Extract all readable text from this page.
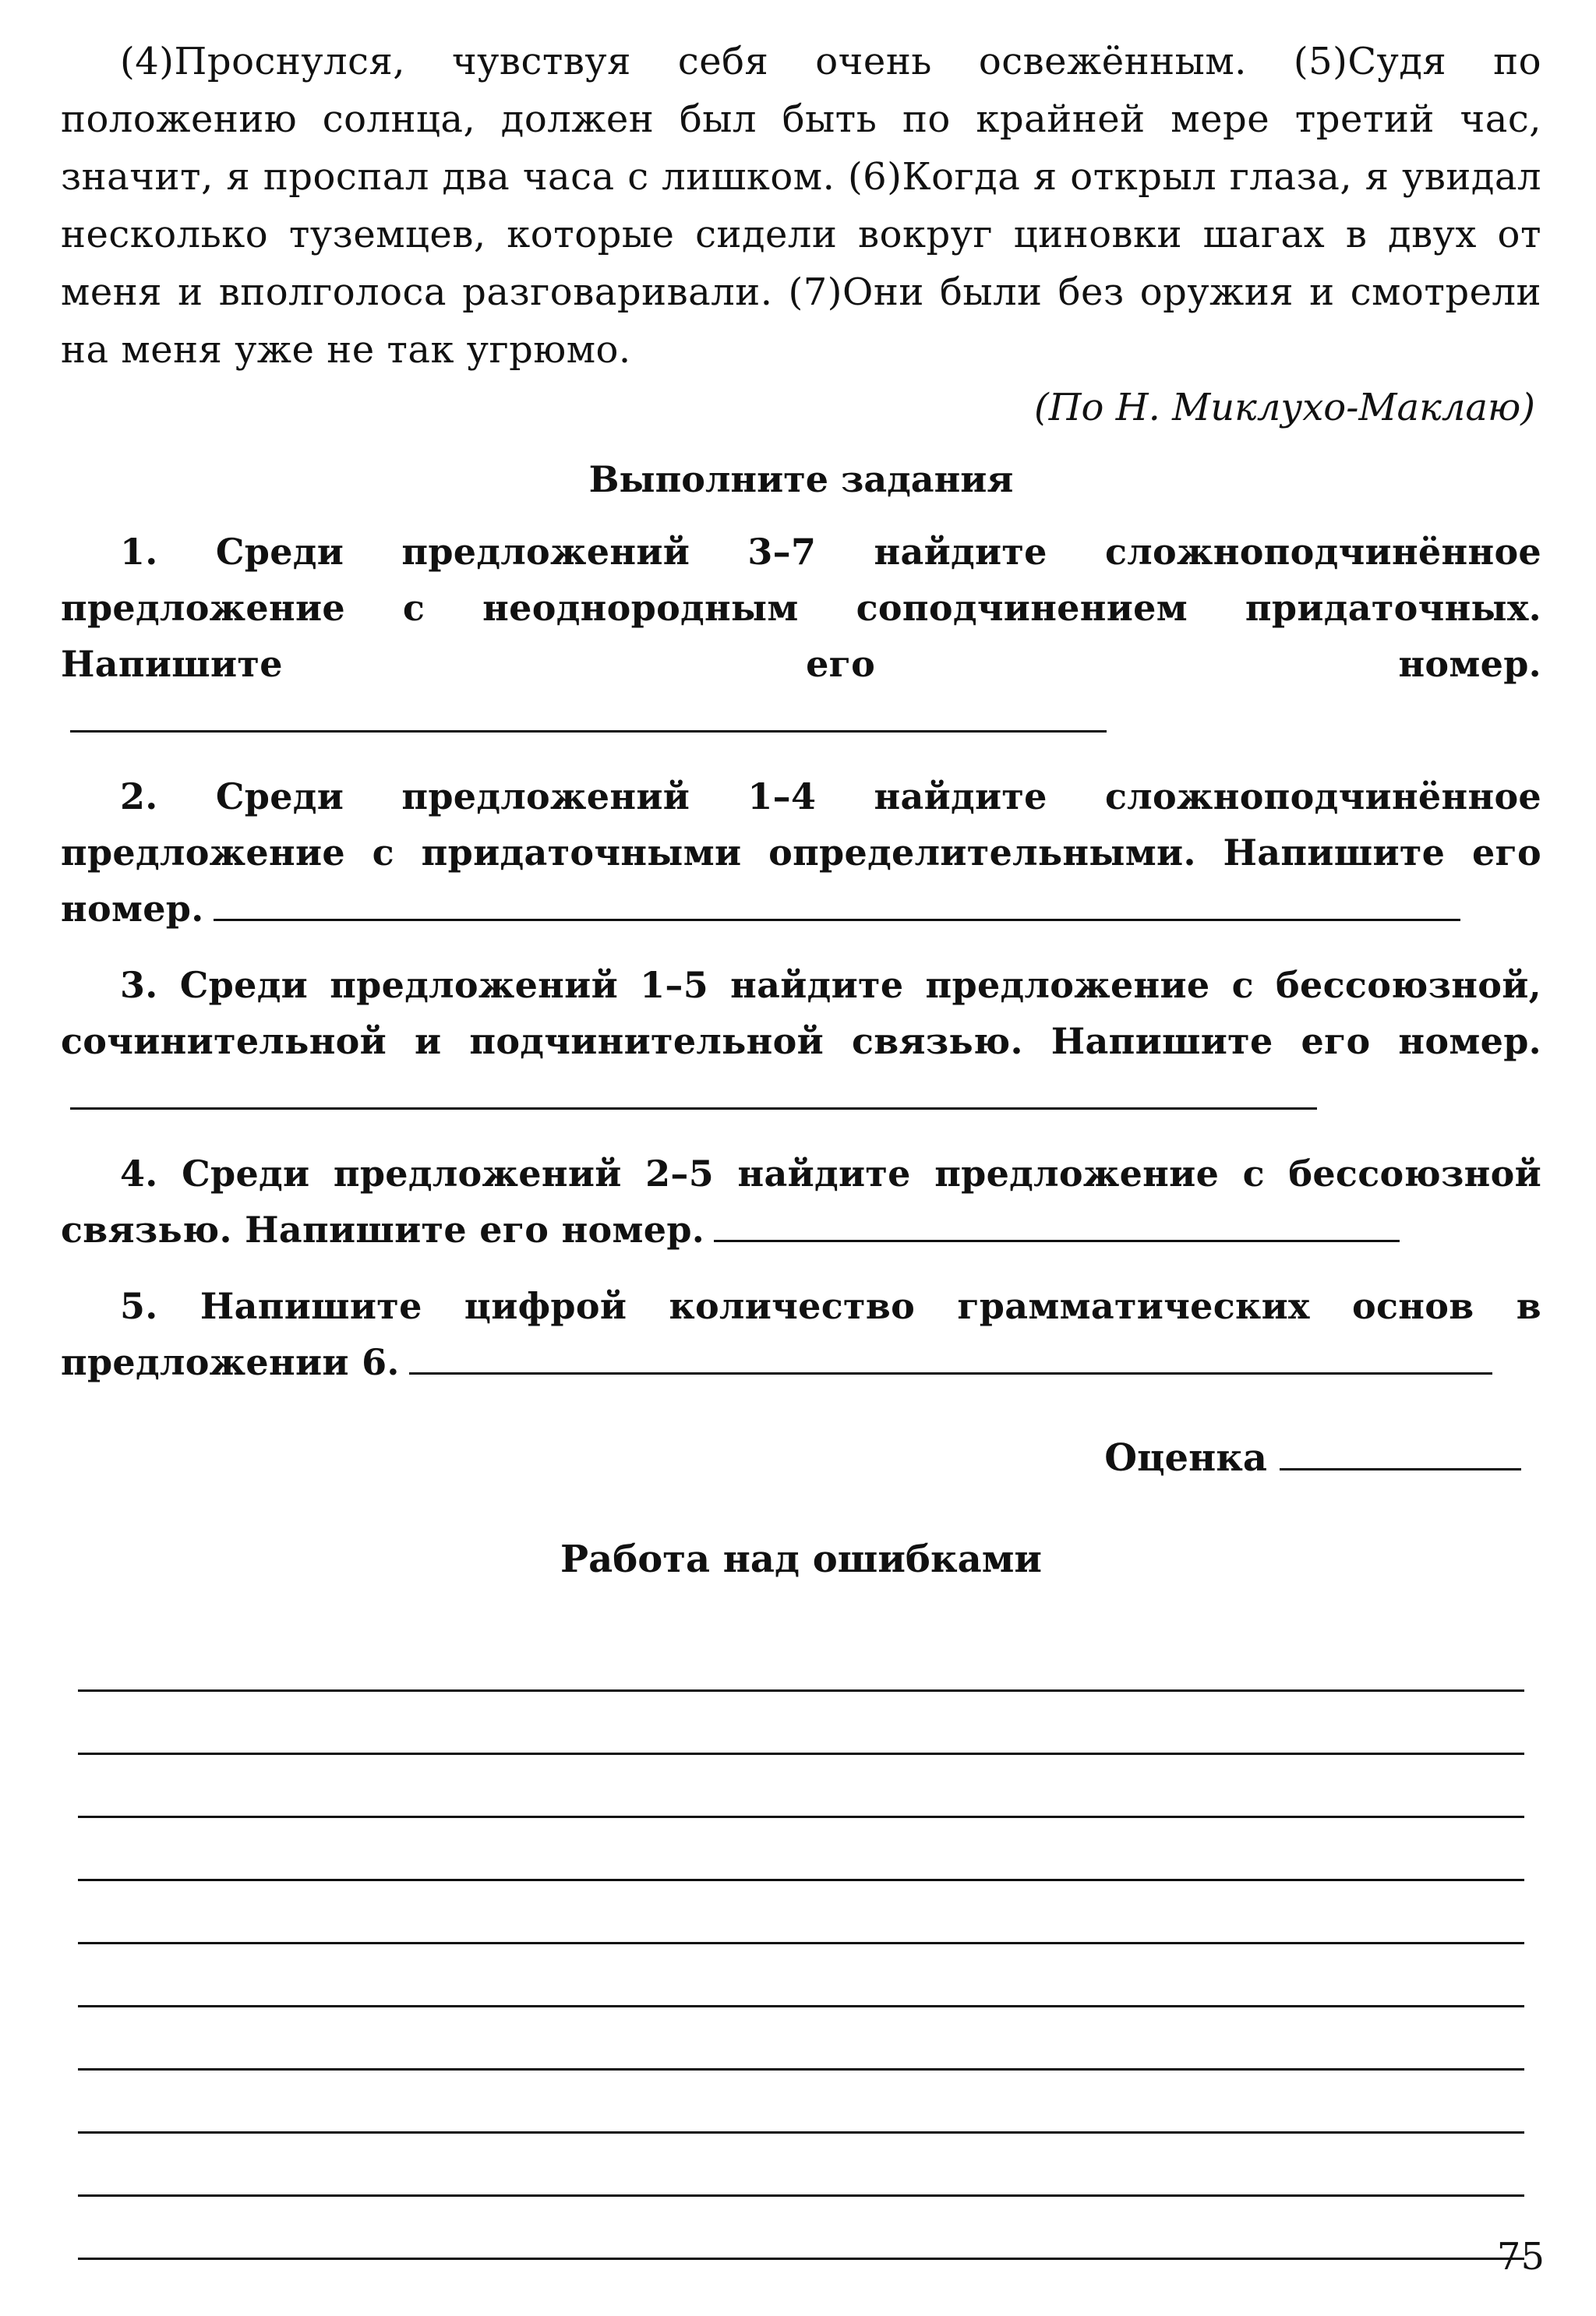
(4)Проснулся, чувствуя себя очень освежённым. (5)Судя по положению солнца, должен был быть по крайней мере третий час, значит, я проспал два часа с лишком. (6)Когда я открыл глаза, я увидал несколько туземцев, которые сидели вокруг циновки шагах в двух от меня и вполголоса разговаривали. (7)Они были без оружия и смотрели на меня уже не так угрюмо.

(По Н. Миклухо-Маклаю)

Выполните задания

1. Среди предложений 3–7 найдите сложноподчинённое предложение с неоднородным соподчинением придаточных. Напишите его номер.

2. Среди предложений 1–4 найдите сложноподчинённое предложение с придаточными определительными. Напишите его номер.

3. Среди предложений 1–5 найдите предложение с бессоюзной, сочинительной и подчинительной связью. Напишите его номер.

4. Среди предложений 2–5 найдите предложение с бессоюзной связью. Напишите его номер.

5. Напишите цифрой количество грамматических основ в предложении 6.

Оценка
Работа над ошибками
75
